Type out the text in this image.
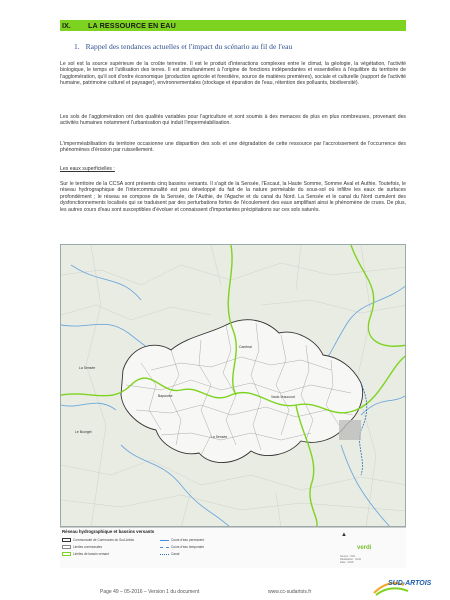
IX.	LA RESSOURCE EN EAU
1. Rappel des tendances actuelles et l'impact du scénario au fil de l'eau

Le sol est la source supérieure de la croûte terrestre. Il est le produit d'interactions complexes entre le climat, la géologie, la végétation, l'activité biologique, le temps et l'utilisation des terres. Il est simultanément à l'origine de fonctions indépendantes et essentielles à l'équilibre du territoire de l'agglomération, qu'il soit d'ordre économique (production agricole et forestière, source de matières premières), sociale et culturelle (support de l'activité humaine, patrimoine culturel et paysager), environnementales (stockage et épuration de l'eau, rétention des polluants, biodiversité).

Les sols de l'agglomération ont des qualités variables pour l'agriculture et sont soumis à des menaces de plus en plus nombreuses, provenant des activités humaines notamment l'urbanisation qui induit l'imperméabilisation.

L'imperméabilisation du territoire occasionne une disparition des sols et une dégradation de cette ressource par l'accroissement de l'occurrence des phénomènes d'érosion par ruissellement.

Les eaux superficielles :

Sur le territoire de la CCSA sont présents cinq bassins versants. Il s'agit de la Sensée, l'Escaut, la Haute Somme, Somme Aval et Authie. Toutefois, le réseau hydrographique de l'intercommunalité est peu développé du fait de la nature perméable du sous-sol où infiltre les eaux de surfaces profondément ; le réseau se compose de la Sensée, de l'Authie, de l'Agache et du canal du Nord. La Sensée et le canal du Nord cumulent des dysfonctionnements localisés qui se traduisent par des perturbations fortes de l'écoulement des eaux amplifiant ainsi le phénomène de crues. De plus, les autres cours d'eau sont susceptibles d'évoluer et connaissent d'importantes précipitations sur ces sols saturés.

La Sensée
Le Bourget
Cambrai
Vaulx-Vraucourt
Bapaume
La Sensée
Réseau hydrographique et bassins versants
Communauté de Communes du Sud-Artois
Limites communales
Limites de bassin versant
Cours d'eau permanent
Cours d'eau temporaire
Canal
▲
verdi
Source : IGN
Réalisation : Verdi
Date : 2016
Page 49 – 05-2016 – Version 1 du document	www.cc-sudartois.fr
SUD-ARTOIS
